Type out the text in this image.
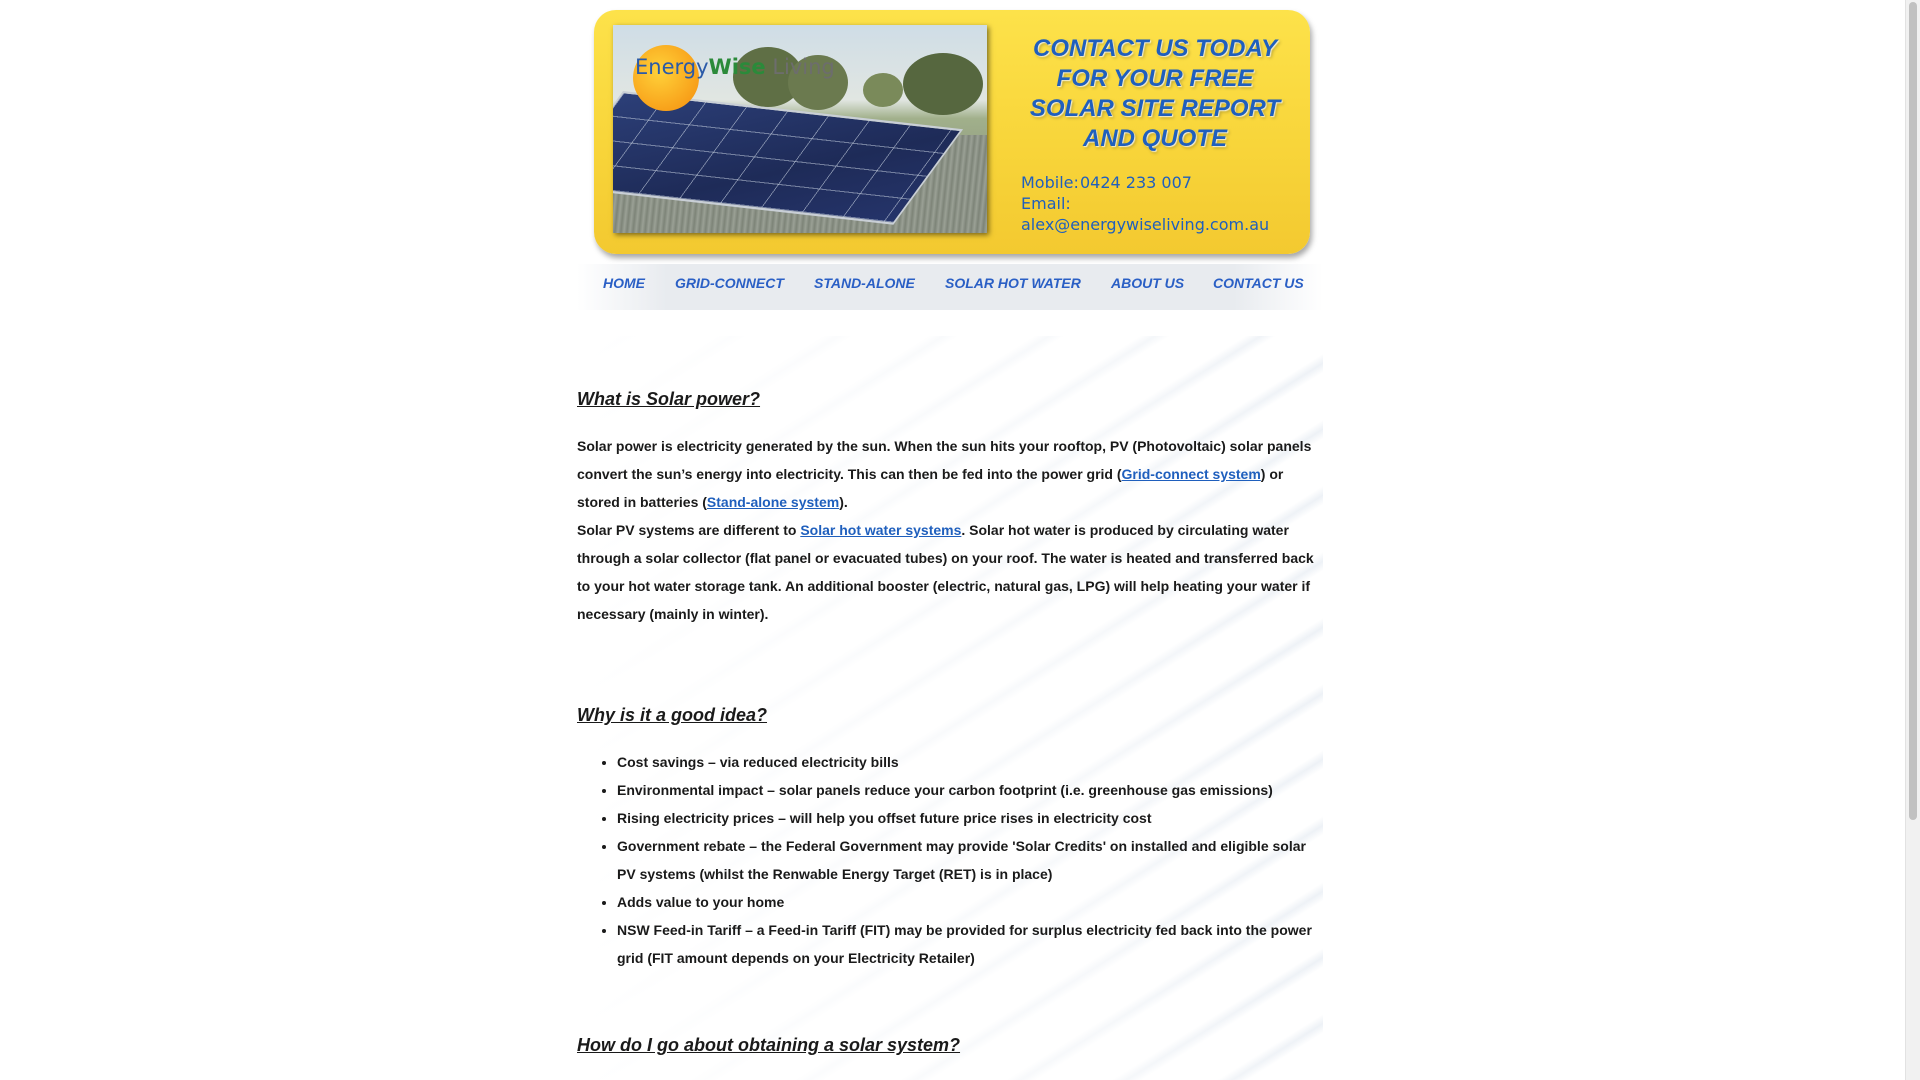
EnergyWise Living
CONTACT US TODAY
FOR YOUR FREE
SOLAR SITE REPORT
AND QUOTE
Mobile:0424 233 007
Email:alex@energywiseliving.com.au
HOME GRID-CONNECT STAND-ALONE SOLAR HOT WATER ABOUT US CONTACT US
What is Solar power?

Solar power is electricity generated by the sun. When the sun hits your rooftop, PV (Photovoltaic) solar panels convert the sun’s energy into electricity. This can then be fed into the power grid (Grid-connect system) or stored in batteries (Stand-alone system).

Solar PV systems are different to Solar hot water systems. Solar hot water is produced by circulating water through a solar collector (flat panel or evacuated tubes) on your roof. The water is heated and transferred back to your hot water storage tank. An additional booster (electric, natural gas, LPG) will help heating your water if necessary (mainly in winter).

Why is it a good idea?
• Cost savings – via reduced electricity bills
• Environmental impact – solar panels reduce your carbon footprint (i.e. greenhouse gas emissions)
• Rising electricity prices – will help you offset future price rises in electricity cost
• Government rebate – the Federal Government may provide 'Solar Credits' on installed and eligible solar PV systems (whilst the Renwable Energy Target (RET) is in place)
• Adds value to your home
• NSW Feed-in Tariff – a Feed-in Tariff (FIT) may be provided for surplus electricity fed back into the power grid (FIT amount depends on your Electricity Retailer)
How do I go about obtaining a solar system?
